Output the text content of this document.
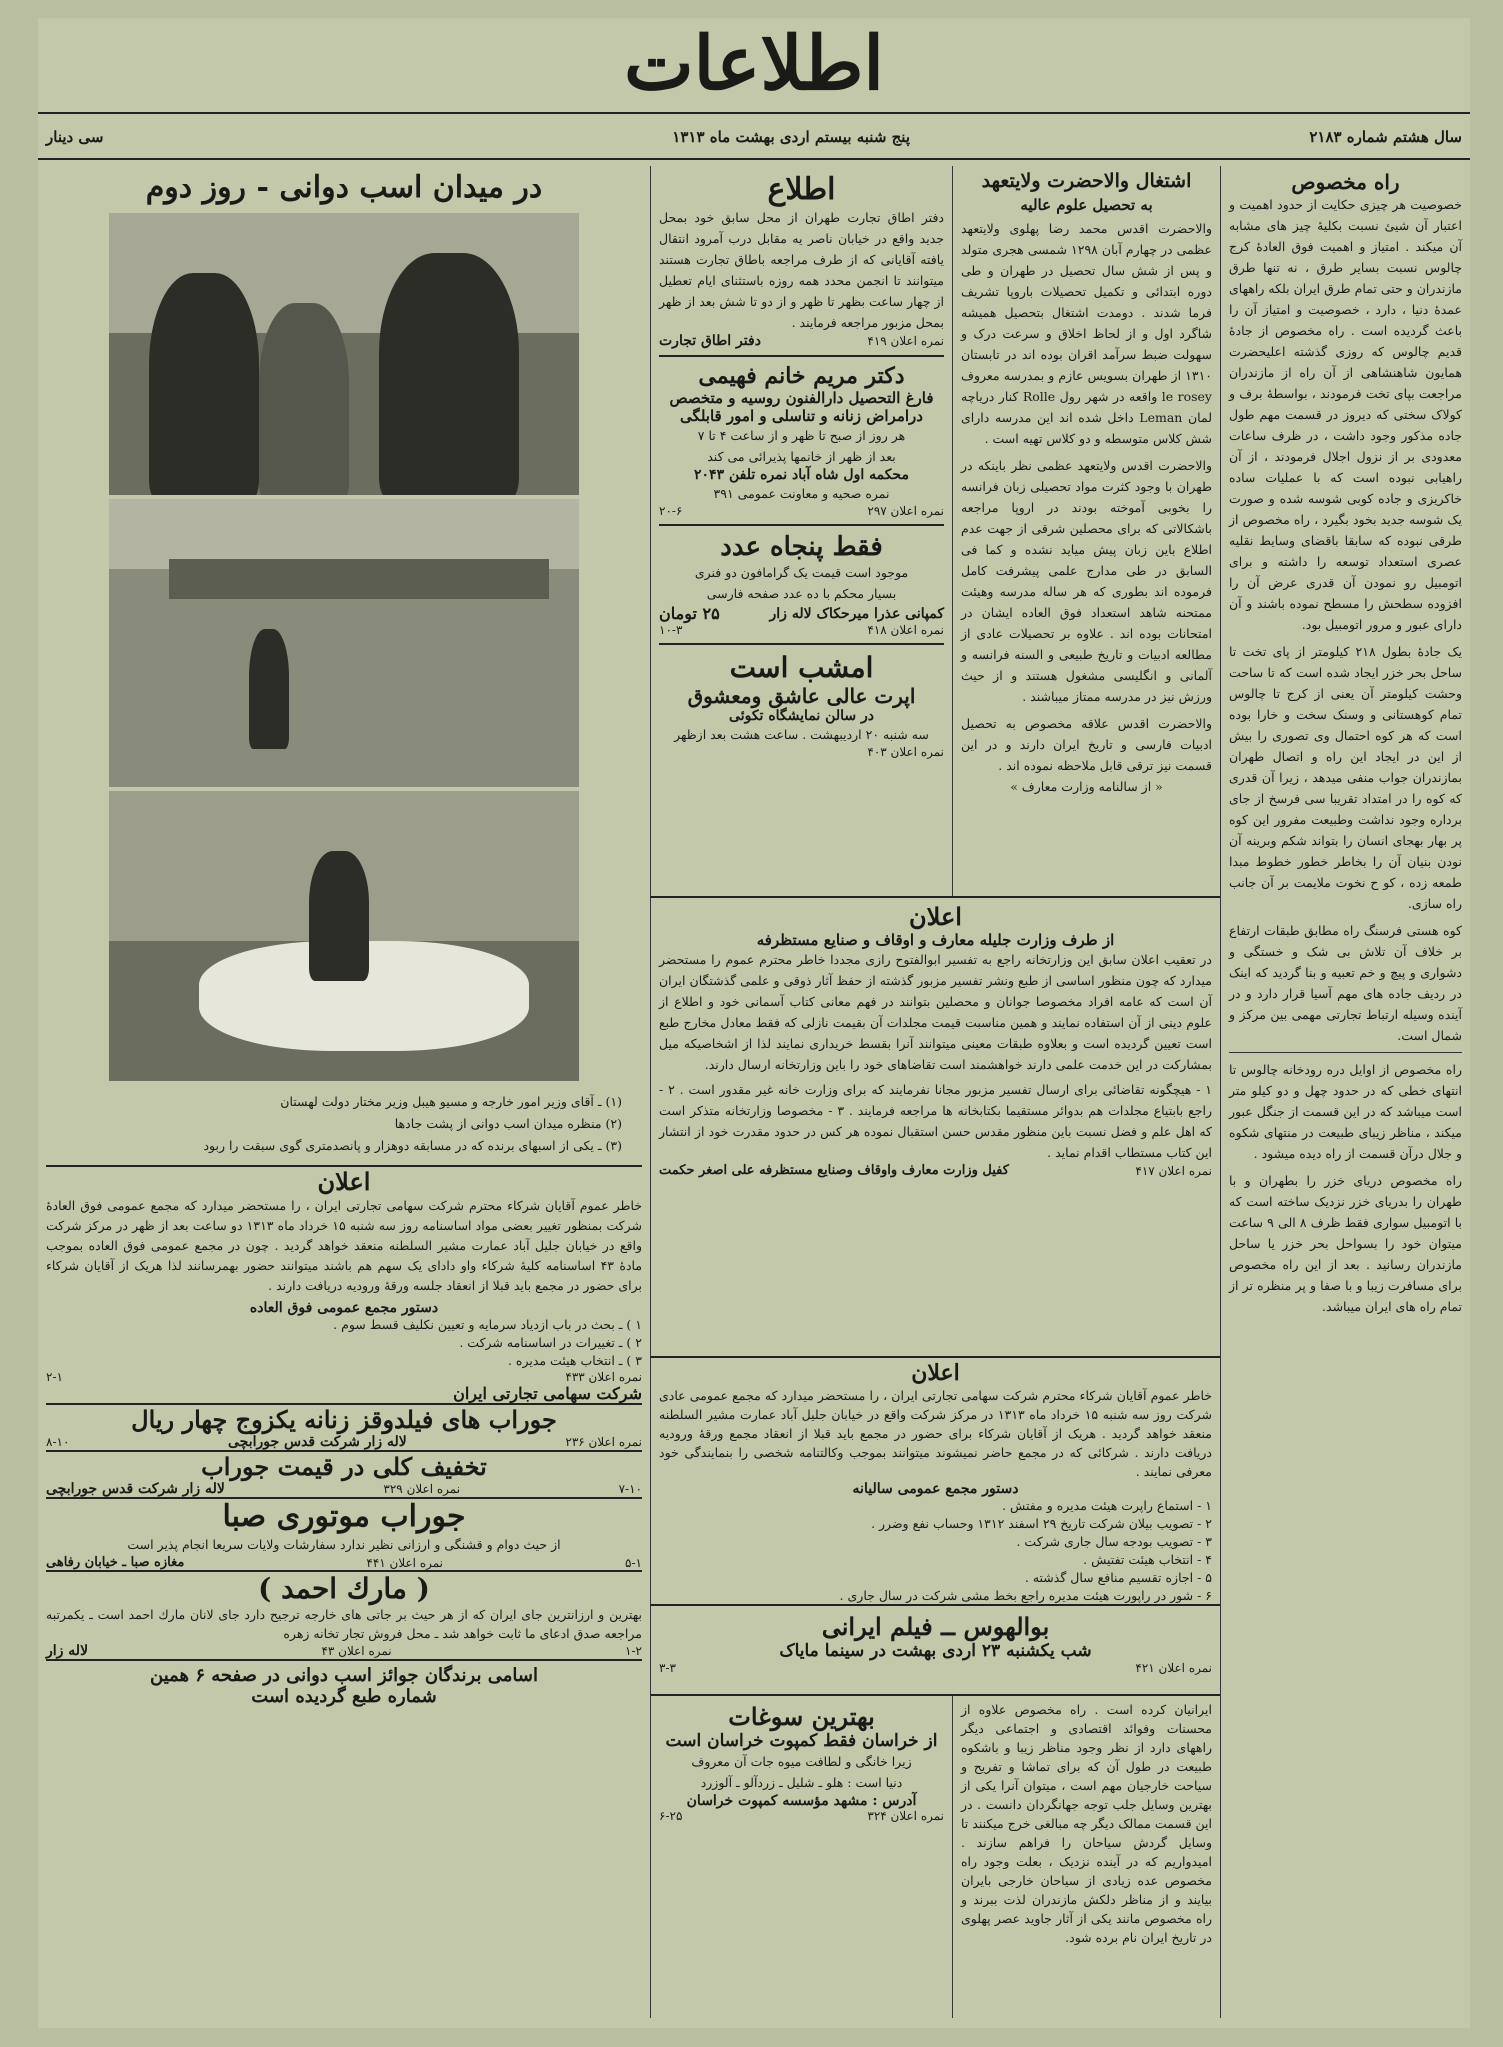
اطلاعات
سال هشتم شماره ۲۱۸۳
پنج شنبه بیستم اردی بهشت ماه ۱۳۱۳
سی دینار
راه مخصوص
خصوصیت هر چیزی حکایت از حدود اهمیت و اعتبار آن شیئ نسبت بکلیهٔ چیز های مشابه آن میکند . امتیاز و اهمیت فوق العادهٔ کرج چالوس نسبت بسایر طرق ، نه تنها طرق مازندران و حتی تمام طرق ایران بلکه راههای عمدهٔ دنیا ، دارد ، خصوصیت و امتیاز آن را باعث گردیده است . راه مخصوص از جادهٔ قدیم چالوس که روزی گذشته اعلیحضرت همایون شاهنشاهی از آن راه از مازندران مراجعت بپای تخت فرمودند ، بواسطهٔ برف و کولاک سختی که دیروز در قسمت مهم طول جاده مذکور وجود داشت ، در ظرف ساعات معدودی بر از نزول اجلال فرمودند ، از آن راهیابی نبوده است که با عملیات ساده خاکریزی و جاده کوبی شوسه شده و صورت یک شوسه جدید بخود بگیرد ، راه مخصوص از طرقی نبوده که سابقا باقضای وسایط نقلیه عصری استعداد توسعه را داشته و برای اتومبیل رو نمودن آن قدری عرض آن را افزوده سطحش را مسطح نموده باشند و آن دارای عبور و مرور اتومبیل بود.
یک جادهٔ بطول ۲۱۸ کیلومتر از پای تخت تا ساحل بحر خزر ایجاد شده است که تا ساحت وحشت کیلومتر آن یعنی از کرج تا چالوس تمام کوهستانی و وسنک سخت و خارا بوده است که هر کوه احتمال وی تصوری را بیش از این در ایجاد این راه و اتصال طهران بمازندران جواب منفی میدهد ، زیرا آن قدری که کوه را در امتداد تقریبا سی فرسخ از جای برداره وجود نداشت وطبیعت مفرور این کوه پر بهار بهجای انسان را بتواند شکم وبرینه آن نودن بنیان آن را بخاطر خطور خطوط مبدا طمعه زده ، کو ح نخوت ملایمت بر آن جانب راه سازی.
کوه هستی فرسنگ راه مطابق طبقات ارتفاع بر خلاف آن تلاش بی شک و خستگی و دشواری و پیچ و خم تعبیه و بنا گردید که اینک در ردیف جاده های مهم آسیا قرار دارد و در آینده وسیله ارتباط تجارتی مهمی بین مرکز و شمال است.
راه مخصوص از اوایل دره رودخانه چالوس تا انتهای خطی که در حدود چهل و دو کیلو متر است میباشد که در این قسمت از جنگل عبور میکند ، مناظر زیبای طبیعت در منتهای شکوه و جلال درآن قسمت از راه دیده میشود .
راه مخصوص دریای خزر را بطهران و با طهران را بدریای خزر نزدیک ساخته است که با اتومبیل سواری فقط ظرف ۸ الی ۹ ساعت میتوان خود را بسواحل بحر خزر یا ساحل مازندران رسانید . بعد از این راه مخصوص برای مسافرت زیبا و با صفا و پر منظره تر از تمام راه های ایران میباشد.
اشتغال والاحضرت ولایتعهد
به تحصیل علوم عالیه
والاحضرت اقدس محمد رضا پهلوی ولایتعهد عظمی در چهارم آبان ۱۲۹۸ شمسی هجری متولد و پس از شش سال تحصیل در طهران و طی دوره ابتدائی و تکمیل تحصیلات باروپا تشریف فرما شدند . دومدت اشتغال بتحصیل همیشه شاگرد اول و از لحاظ اخلاق و سرعت درک و سهولت ضبط سرآمد اقران بوده اند در تابستان ۱۳۱۰ از طهران بسویس عازم و بمدرسه معروف le rosey واقعه در شهر رول Rolle کنار دریاچه لمان Leman داخل شده اند این مدرسه دارای شش کلاس متوسطه و دو کلاس تهیه است .
والاحضرت اقدس ولایتعهد عظمی نظر باینکه در طهران با وجود کثرت مواد تحصیلی زبان فرانسه را بخوبی آموخته بودند در اروپا مراجعه باشکالاتی که برای محصلین شرقی از جهت عدم اطلاع باین زبان پیش میاید نشده و کما فی السابق در طی مدارج علمی پیشرفت کامل فرموده اند بطوری که هر ساله مدرسه وهیئت ممتحنه شاهد استعداد فوق العاده ایشان در امتحانات بوده اند . علاوه بر تحصیلات عادی از مطالعه ادبیات و تاریخ طبیعی و السنه فرانسه و آلمانی و انگلیسی مشغول هستند و از حیث ورزش نیز در مدرسه ممتاز میباشند .
والاحضرت اقدس علاقه مخصوص به تحصیل ادبیات فارسی و تاریخ ایران دارند و در این قسمت نیز ترقی قابل ملاحظه نموده اند .
« از سالنامه وزارت معارف »
اطلاع
دفتر اطاق تجارت طهران از محل سابق خود بمحل جدید واقع در خیابان ناصر یه مقابل درب آمرود انتقال یافته آقایانی که از طرف مراجعه باطاق تجارت هستند میتوانند تا انجمن محدد همه روزه باستثنای ایام تعطیل از چهار ساعت بظهر تا ظهر و از دو تا شش بعد از ظهر بمحل مزبور مراجعه فرمایند .
نمره اعلان ۴۱۹
دفتر اطاق تجارت
دکتر مریم خانم فهیمی
فارغ التحصیل دارالفنون روسیه و متخصص
درامراض زنانه و تناسلی و امور قابلگی
هر روز از صبح تا ظهر و از ساعت ۴ تا ۷
بعد از ظهر از خانمها پذیرائی می کند
محکمه اول شاه آباد نمره تلفن ۲۰۴۳
نمره صحیه و معاونت عمومی ۳۹۱
نمره اعلان ۲۹۷
۲۰-۶
فقط پنجاه عدد
موجود است قیمت یک گرامافون دو فنری
بسیار محکم با ده عدد صفحه فارسی
کمپانی عذرا میرحکاک لاله زار
۲۵ تومان
نمره اعلان ۴۱۸
۱۰-۳
امشب است
اپرت عالی عاشق ومعشوق
در سالن نمایشگاه تکوئی
سه شنبه ۲۰ اردیبهشت . ساعت هشت بعد ازظهر
نمره اعلان ۴۰۳
اعلان
از طرف وزارت جلیله معارف و اوقاف و صنایع مستظرفه
در تعقیب اعلان سابق این وزارتخانه راجع به تفسیر ابوالفتوح رازی مجددا خاطر محترم عموم را مستحضر میدارد که چون منظور اساسی از طبع ونشر تفسیر مزبور گذشته از حفظ آثار ذوقی و علمی گذشتگان ایران آن است که عامه افراد مخصوصا جوانان و محصلین بتوانند در فهم معانی کتاب آسمانی خود و اطلاع از علوم دینی از آن استفاده نمایند و همین مناسبت قیمت مجلدات آن بقیمت نازلی که فقط معادل مخارج طبع است تعیین گردیده است و بعلاوه طبقات معینی میتوانند آنرا بقسط خریداری نمایند لذا از اشخاصیکه میل بمشارکت در این خدمت علمی دارند خواهشمند است تقاضاهای خود را باین وزارتخانه ارسال دارند.
۱ - هیچگونه تقاضائی برای ارسال تفسیر مزبور مجانا نفرمایند که برای وزارت خانه غیر مقدور است . ۲ - راجع بابتیاع مجلدات هم بدوائر مستقیما بکتابخانه ها مراجعه فرمایند . ۳ - مخصوصا وزارتخانه متذکر است که اهل علم و فضل نسبت باین منظور مقدس حسن استقبال نموده هر کس در حدود مقدرت خود از انتشار این کتاب مستطاب اقدام نماید .
نمره اعلان ۴۱۷
کفیل وزارت معارف واوقاف وصنایع مستظرفه علی اصغر حکمت
اعلان
خاطر عموم آقایان شرکاء محترم شرکت سهامی تجارتی ایران ، را مستحضر میدارد که مجمع عمومی عادی شرکت روز سه شنبه ۱۵ خرداد ماه ۱۳۱۳ در مرکز شرکت واقع در خیابان جلیل آباد عمارت مشیر السلطنه منعقد خواهد گردید . هریک از آقایان شرکاء برای حضور در مجمع باید قبلا از انعقاد مجمع ورقهٔ ورودیه دریافت دارند . شرکائی که در مجمع حاضر نمیشوند میتوانند بموجب وکالتنامه شخصی را بنمایندگی خود معرفی نمایند .
دستور مجمع عمومی سالیانه
۱ - استماع راپرت هیئت مدیره و مفتش .
۲ - تصویب بیلان شرکت تاریخ ۲۹ اسفند ۱۳۱۲ وحساب نفع وضرر .
۳ - تصویب بودجه سال جاری شرکت .
۴ - انتخاب هیئت تفتیش .
۵ - اجازه تقسیم منافع سال گذشته .
۶ - شور در راپورت هیئت مدیره راجع بخط مشی شرکت در سال جاری .
بوالهوس ــ فیلم ایرانی
شب یکشنبه ۲۳ اردی بهشت در سینما مایاک
نمره اعلان ۴۲۱
۳-۳
ایرانیان کرده است . راه مخصوص علاوه از محسنات وفوائد اقتصادی و اجتماعی دیگر راههای دارد از نظر وجود مناظر زیبا و باشکوه طبیعت در طول آن که برای تماشا و تفریح و سیاحت خارجیان مهم است ، میتوان آنرا یکی از بهترین وسایل جلب توجه جهانگردان دانست . در این قسمت ممالک دیگر چه مبالغی خرج میکنند تا وسایل گردش سیاحان را فراهم سازند . امیدواریم که در آینده نزدیک ، بعلت وجود راه مخصوص عده زیادی از سیاحان خارجی بایران بیایند و از مناظر دلکش مازندران لذت ببرند و راه مخصوص مانند یکی از آثار جاوید عصر پهلوی در تاریخ ایران نام برده شود.
بهترین سوغات
از خراسان فقط کمپوت خراسان است
زیرا خانگی و لطافت میوه جات آن معروف
دنیا است : هلو ـ شلیل ـ زردآلو ـ آلوزرد
آدرس : مشهد مؤسسه کمپوت خراسان
نمره اعلان ۳۲۴
۶-۲۵
در میدان اسب دوانی - روز دوم
(۱) ـ آقای وزیر امور خارجه و مسیو هیبل وزیر مختار دولت لهستان
(۲) منظره میدان اسب دوانی از پشت جادها
(۳) ـ یکی از اسبهای برنده که در مسابقه دوهزار و پانصدمتری گوی سبقت را ربود
اعلان
خاطر عموم آقایان شرکاء محترم شرکت سهامی تجارتی ایران ، را مستحضر میدارد که مجمع عمومی فوق العادهٔ شرکت بمنظور تغییر بعضی مواد اساسنامه روز سه شنبه ۱۵ خرداد ماه ۱۳۱۳ دو ساعت بعد از ظهر در مرکز شرکت واقع در خیابان جلیل آباد عمارت مشیر السلطنه منعقد خواهد گردید . چون در مجمع عمومی فوق العاده بموجب مادهٔ ۴۳ اساسنامه کلیهٔ شرکاء واو دادای یک سهم هم باشند میتوانند حضور بهمرسانند لذا هریک از آقایان شرکاء برای حضور در مجمع باید قبلا از انعقاد جلسه ورقهٔ ورودیه دریافت دارند .
دستور مجمع عمومی فوق العاده
۱ ) ـ بحث در باب ازدیاد سرمایه و تعیین نکلیف قسط سوم .
۲ ) ـ تغییرات در اساسنامه شرکت .
۳ ) ـ انتخاب هیئت مدیره .
نمره اعلان ۴۳۳
۲-۱
شرکت سهامی تجارتی ایران
جوراب های فیلدوقز زنانه یکزوج چهار ریال
نمره اعلان ۲۳۶
لاله زار شرکت قدس جورابچی
۸-۱۰
تخفیف کلی در قیمت جوراب
۷-۱۰
نمره اعلان ۳۲۹
لاله زار شرکت قدس جورابچی
جوراب موتوری صبا
از حیث دوام و قشنگی و ارزانی نظیر ندارد سفارشات ولایات سریعا انجام پذیر است
۵-۱
نمره اعلان ۴۴۱
مغازه صبا ـ خیابان رفاهی
( مارك احمد )
بهترین و ارزانترین جای ایران که از هر حیث بر جاتی های خارجه ترجیح دارد جای لانان مارك احمد است ـ یکمرتبه مراجعه صدق ادعای ما ثابت خواهد شد ـ محل فروش تجار تخانه زهره
۱-۲
نمره اعلان ۴۳
لاله زار
اسامی برندگان جوائز اسب دوانی در صفحه ۶ همین
شماره طبع گردیده است
